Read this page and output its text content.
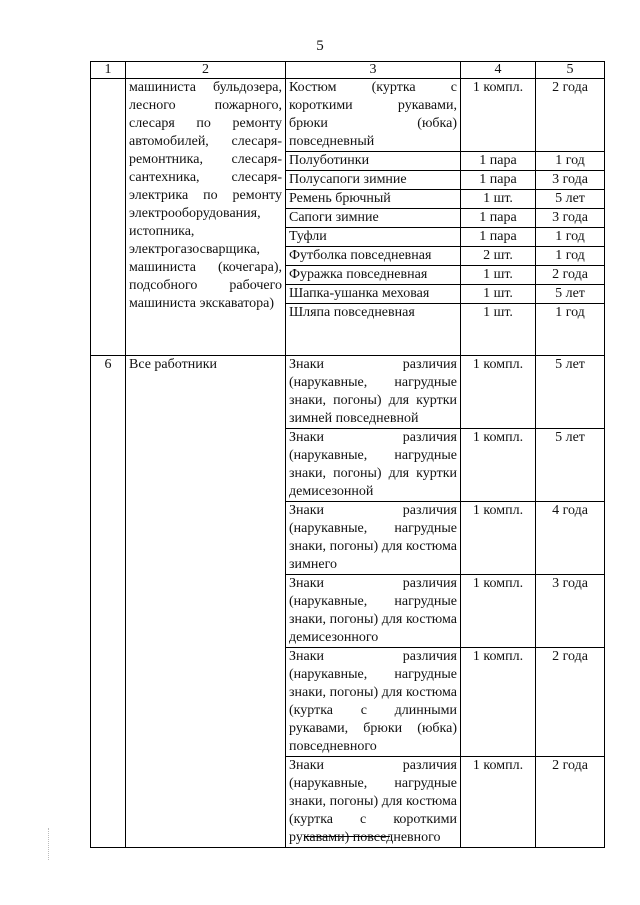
5
1	2	3	4	5

	машиниста бульдозера, лесного пожарного, слесаря по ремонту автомобилей, слесаря-ремонтника, слесаря-сантехника, слесаря-электрика по ремонту электрооборудования, истопника, электрогазосварщика, машиниста (кочегара), подсобного рабочего машиниста экскаватора)	Костюм (куртка с короткими рукавами, брюки (юбка) повседневный	1 компл.	2 года
		Полуботинки	1 пара	1 год
		Полусапоги зимние	1 пара	3 года
		Ремень брючный	1 шт.	5 лет
		Сапоги зимние	1 пара	3 года
		Туфли	1 пара	1 год
		Футболка повседневная	2 шт.	1 год
		Фуражка повседневная	1 шт.	2 года
		Шапка-ушанка меховая	1 шт.	5 лет
		Шляпа повседневная	1 шт.	1 год
6	Все работники	Знаки различия (нарукавные, нагрудные знаки, погоны) для куртки зимней повседневной	1 компл.	5 лет
		Знаки различия (нарукавные, нагрудные знаки, погоны) для куртки демисезонной	1 компл.	5 лет
		Знаки различия (нарукавные, нагрудные знаки, погоны) для костюма зимнего	1 компл.	4 года
		Знаки различия (нарукавные, нагрудные знаки, погоны) для костюма демисезонного	1 компл.	3 года
		Знаки различия (нарукавные, нагрудные знаки, погоны) для костюма (куртка с длинными рукавами, брюки (юбка) повседневного	1 компл.	2 года
		Знаки различия (нарукавные, нагрудные знаки, погоны) для костюма (куртка с короткими рукавами) повседневного	1 компл.	2 года
